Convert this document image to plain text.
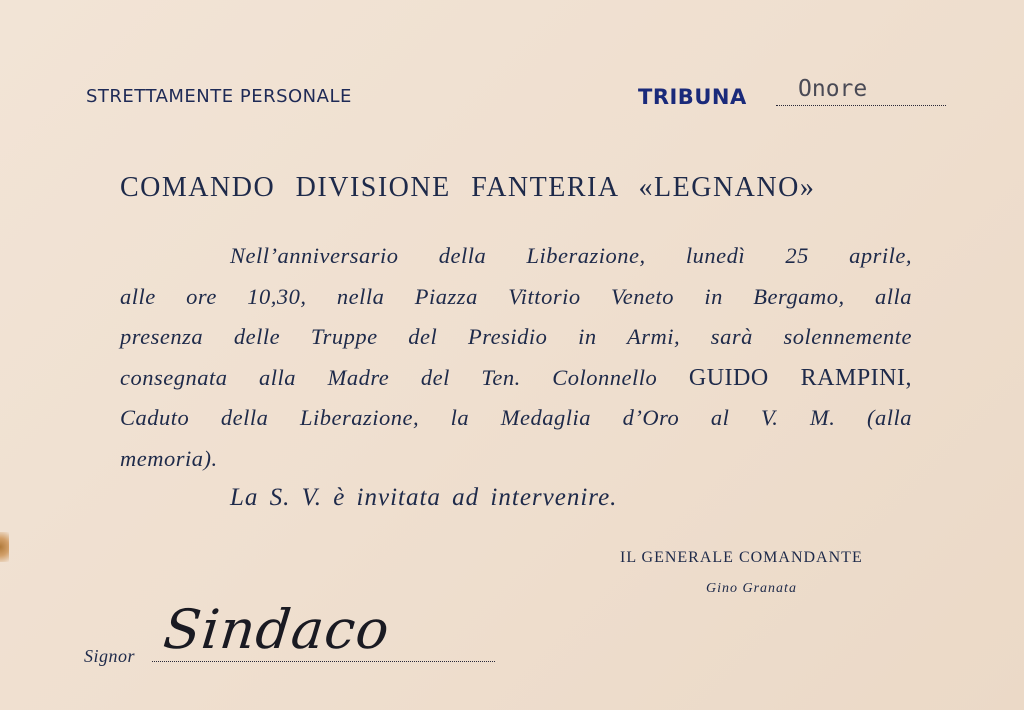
STRETTAMENTE PERSONALE	TRIBUNA Onore
COMANDO DIVISIONE FANTERIA «LEGNANO»
Nell’anniversario della Liberazione, lunedì 25 aprile,
alle ore 10,30, nella Piazza Vittorio Veneto in Bergamo, alla
presenza delle Truppe del Presidio in Armi, sarà solennemente
consegnata alla Madre del Ten. Colonnello GUIDO RAMPINI,
Caduto della Liberazione, la Medaglia d’Oro al V. M. (alla
memoria).
La S. V. è invitata ad intervenire.
IL GENERALE COMANDANTE
Gino Granata
Signor Sindaco
